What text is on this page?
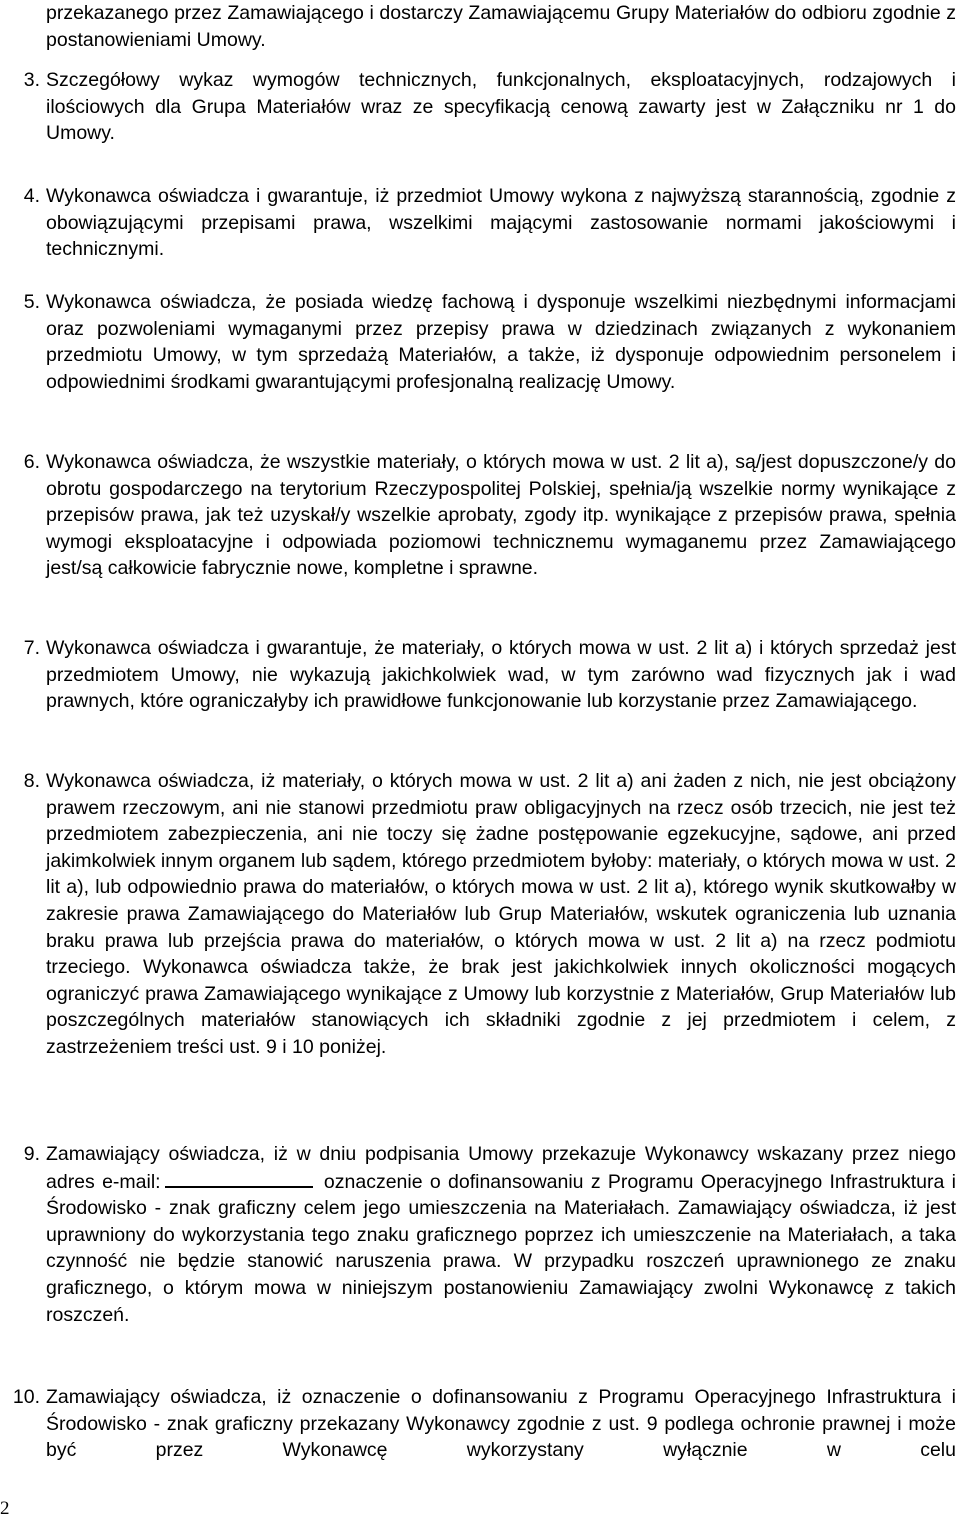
przekazanego przez Zamawiającego i dostarczy Zamawiającemu Grupy Materiałów do odbioru zgodnie z postanowieniami Umowy.
3. Szczegółowy wykaz wymogów technicznych, funkcjonalnych, eksploatacyjnych, rodzajowych i ilościowych dla Grupa Materiałów wraz ze specyfikacją cenową zawarty jest w Załączniku nr 1 do Umowy.
4. Wykonawca oświadcza i gwarantuje, iż przedmiot Umowy wykona z najwyższą starannością, zgodnie z obowiązującymi przepisami prawa, wszelkimi mającymi zastosowanie normami jakościowymi i technicznymi.
5. Wykonawca oświadcza, że posiada wiedzę fachową i dysponuje wszelkimi niezbędnymi informacjami oraz pozwoleniami wymaganymi przez przepisy prawa w dziedzinach związanych z wykonaniem przedmiotu Umowy, w tym sprzedażą Materiałów, a także, iż dysponuje odpowiednim personelem i odpowiednimi środkami gwarantującymi profesjonalną realizację Umowy.
6. Wykonawca oświadcza, że wszystkie materiały, o których mowa w ust. 2 lit a), są/jest dopuszczone/y do obrotu gospodarczego na terytorium Rzeczypospolitej Polskiej, spełnia/ją wszelkie normy wynikające z przepisów prawa, jak też uzyskał/y wszelkie aprobaty, zgody itp. wynikające z przepisów prawa, spełnia wymogi eksploatacyjne i odpowiada poziomowi technicznemu wymaganemu przez Zamawiającego jest/są całkowicie fabrycznie nowe, kompletne i sprawne.
7. Wykonawca oświadcza i gwarantuje, że materiały, o których mowa w ust. 2 lit a) i których sprzedaż jest przedmiotem Umowy, nie wykazują jakichkolwiek wad, w tym zarówno wad fizycznych jak i wad prawnych, które ograniczałyby ich prawidłowe funkcjonowanie lub korzystanie przez Zamawiającego.
8. Wykonawca oświadcza, iż materiały, o których mowa w ust. 2 lit a) ani żaden z nich, nie jest obciążony prawem rzeczowym, ani nie stanowi przedmiotu praw obligacyjnych na rzecz osób trzecich, nie jest też przedmiotem zabezpieczenia, ani nie toczy się żadne postępowanie egzekucyjne, sądowe, ani przed jakimkolwiek innym organem lub sądem, którego przedmiotem byłoby: materiały, o których mowa w ust. 2 lit a), lub odpowiednio prawa do materiałów, o których mowa w ust. 2 lit a), którego wynik skutkowałby w zakresie prawa Zamawiającego do Materiałów lub Grup Materiałów, wskutek ograniczenia lub uznania braku prawa lub przejścia prawa do materiałów, o których mowa w ust. 2 lit a) na rzecz podmiotu trzeciego. Wykonawca oświadcza także, że brak jest jakichkolwiek innych okoliczności mogących ograniczyć prawa Zamawiającego wynikające z Umowy lub korzystnie z Materiałów, Grup Materiałów lub poszczególnych materiałów stanowiących ich składniki zgodnie z jej przedmiotem i celem, z zastrzeżeniem treści ust. 9 i 10 poniżej.
9. Zamawiający oświadcza, iż w dniu podpisania Umowy przekazuje Wykonawcy wskazany przez niego adres e-mail:	oznaczenie o dofinansowaniu z Programu Operacyjnego Infrastruktura i Środowisko - znak graficzny celem jego umieszczenia na Materiałach. Zamawiający oświadcza, iż jest uprawniony do wykorzystania tego znaku graficznego poprzez ich umieszczenie na Materiałach, a taka czynność nie będzie stanowić naruszenia prawa. W przypadku roszczeń uprawnionego ze znaku graficznego, o którym mowa w niniejszym postanowieniu Zamawiający zwolni Wykonawcę z takich roszczeń.
10. Zamawiający oświadcza, iż oznaczenie o dofinansowaniu z Programu Operacyjnego Infrastruktura i Środowisko - znak graficzny przekazany Wykonawcy zgodnie z ust. 9 podlega ochronie prawnej i może być przez Wykonawcę wykorzystany wyłącznie w celu
2
